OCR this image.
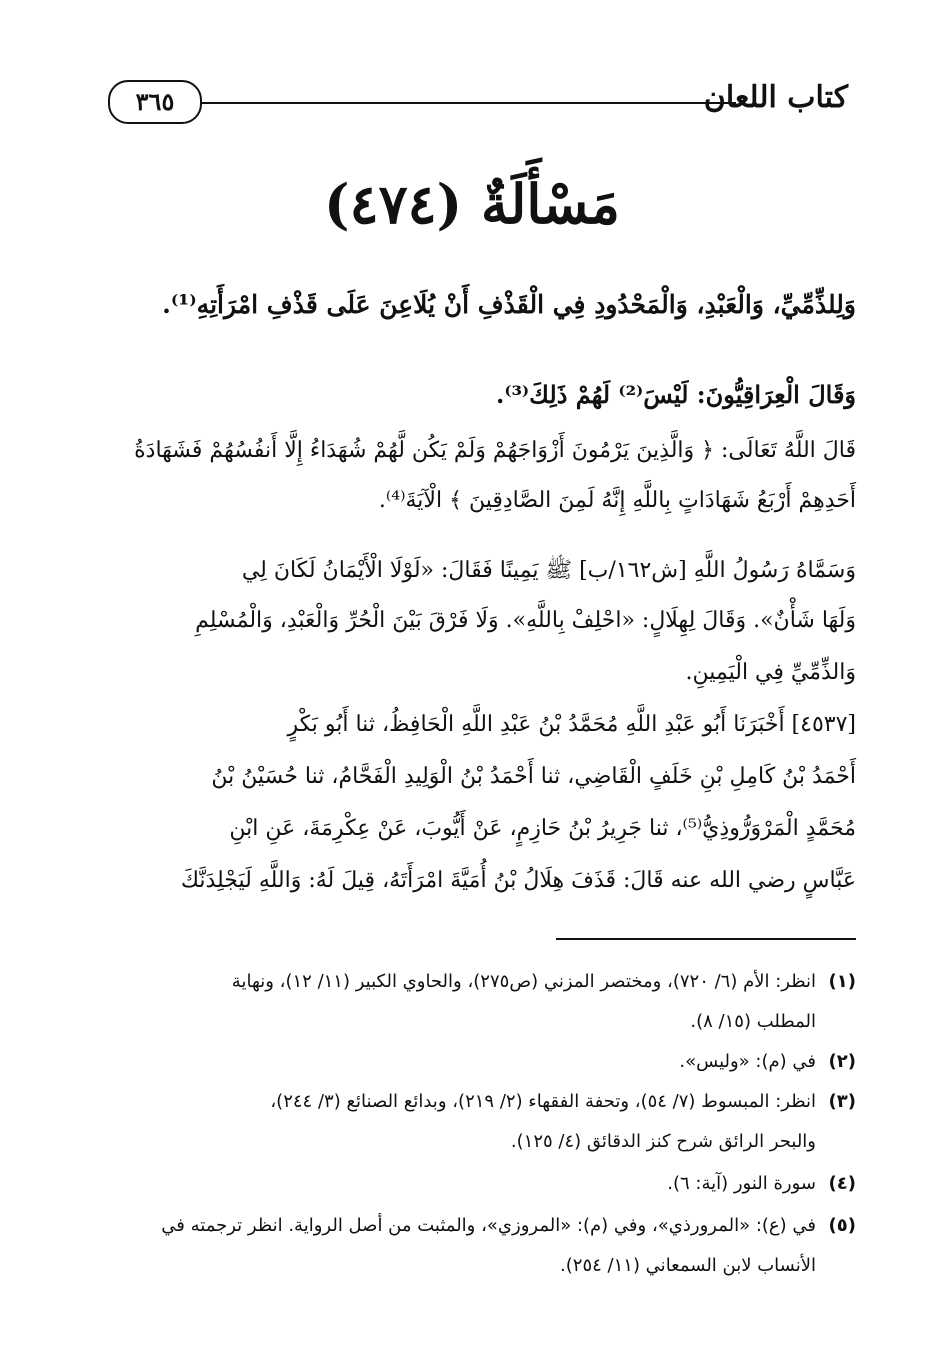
كتاب اللعان
٣٦٥
مَسْأَلَةٌ (٤٧٤)
وَلِلذِّمِّيِّ، وَالْعَبْدِ، وَالْمَحْدُودِ فِي الْقَذْفِ أَنْ يُلَاعِنَ عَلَى قَذْفِ امْرَأَتِهِ⁽¹⁾.
وَقَالَ الْعِرَاقِيُّونَ: لَيْسَ⁽²⁾ لَهُمْ ذَلِكَ⁽³⁾.
قَالَ اللَّهُ تَعَالَى: ﴿ وَالَّذِينَ يَرْمُونَ أَزْوَاجَهُمْ وَلَمْ يَكُن لَّهُمْ شُهَدَاءُ إِلَّا أَنفُسُهُمْ فَشَهَادَةُ
أَحَدِهِمْ أَرْبَعُ شَهَادَاتٍ بِاللَّهِ إِنَّهُ لَمِنَ الصَّادِقِينَ ﴾ الْآيَةَ⁽⁴⁾.
وَسَمَّاهُ رَسُولُ اللَّهِ [ش١٦٢/ب] ﷺ يَمِينًا فَقَالَ: «لَوْلَا الْأَيْمَانُ لَكَانَ لِي
وَلَهَا شَأْنٌ». وَقَالَ لِهِلَالٍ: «احْلِفْ بِاللَّهِ». وَلَا فَرْقَ بَيْنَ الْحُرِّ وَالْعَبْدِ، وَالْمُسْلِمِ
وَالذِّمِّيِّ فِي الْيَمِينِ.
[٤٥٣٧] أَخْبَرَنَا أَبُو عَبْدِ اللَّهِ مُحَمَّدُ بْنُ عَبْدِ اللَّهِ الْحَافِظُ، ثنا أَبُو بَكْرٍ
أَحْمَدُ بْنُ كَامِلِ بْنِ خَلَفٍ الْقَاضِي، ثنا أَحْمَدُ بْنُ الْوَلِيدِ الْفَحَّامُ، ثنا حُسَيْنُ بْنُ
مُحَمَّدٍ الْمَرْوَرُّوذِيُّ⁽⁵⁾، ثنا جَرِيرُ بْنُ حَازِمٍ، عَنْ أَيُّوبَ، عَنْ عِكْرِمَةَ، عَنِ ابْنِ
عَبَّاسٍ رضي الله عنه قَالَ: قَذَفَ هِلَالُ بْنُ أُمَيَّةَ امْرَأَتَهُ، قِيلَ لَهُ: وَاللَّهِ لَيَجْلِدَنَّكَ
(١)انظر: الأم (٦/ ٧٢٠)، ومختصر المزني (ص٢٧٥)، والحاوي الكبير (١١/ ١٢)، ونهاية
المطلب (١٥/ ٨).
(٢)في (م): «وليس».
(٣)انظر: المبسوط (٧/ ٥٤)، وتحفة الفقهاء (٢/ ٢١٩)، وبدائع الصنائع (٣/ ٢٤٤)،
والبحر الرائق شرح كنز الدقائق (٤/ ١٢٥).
(٤)سورة النور (آية: ٦).
(٥)في (ع): «المرورذي»، وفي (م): «المروزي»، والمثبت من أصل الرواية. انظر ترجمته في
الأنساب لابن السمعاني (١١/ ٢٥٤).
